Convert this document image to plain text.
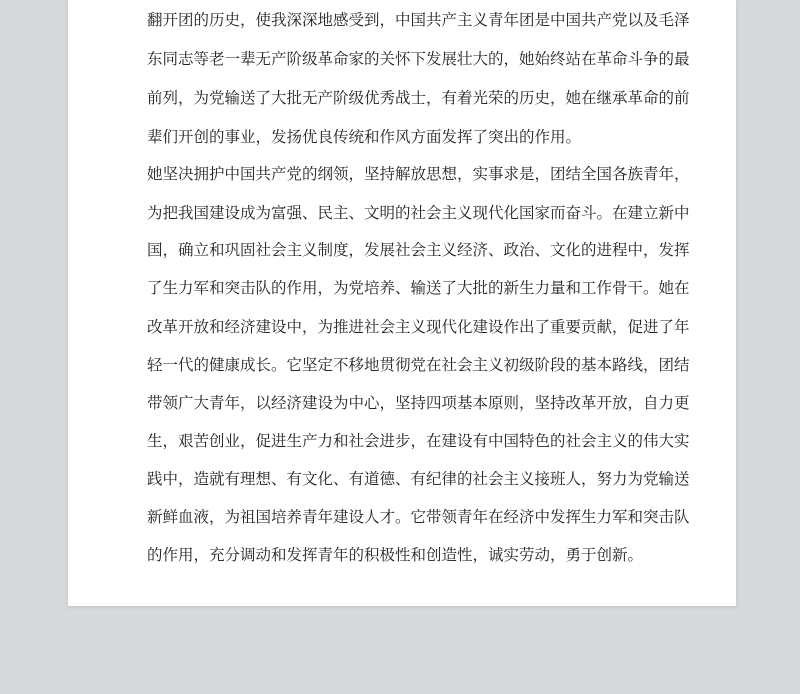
翻开团的历史，使我深深地感受到，中国共产主义青年团是中国共产党以及毛泽
东同志等老一辈无产阶级革命家的关怀下发展壮大的，她始终站在革命斗争的最
前列，为党输送了大批无产阶级优秀战士，有着光荣的历史，她在继承革命的前
辈们开创的事业，发扬优良传统和作风方面发挥了突出的作用。
她坚决拥护中国共产党的纲领，坚持解放思想，实事求是，团结全国各族青年，
为把我国建设成为富强、民主、文明的社会主义现代化国家而奋斗。在建立新中
国，确立和巩固社会主义制度，发展社会主义经济、政治、文化的进程中，发挥
了生力军和突击队的作用，为党培养、输送了大批的新生力量和工作骨干。她在
改革开放和经济建设中，为推进社会主义现代化建设作出了重要贡献，促进了年
轻一代的健康成长。它坚定不移地贯彻党在社会主义初级阶段的基本路线，团结
带领广大青年，以经济建设为中心，坚持四项基本原则，坚持改革开放，自力更
生，艰苦创业，促进生产力和社会进步，在建设有中国特色的社会主义的伟大实
践中，造就有理想、有文化、有道德、有纪律的社会主义接班人，努力为党输送
新鲜血液，为祖国培养青年建设人才。它带领青年在经济中发挥生力军和突击队
的作用，充分调动和发挥青年的积极性和创造性，诚实劳动，勇于创新。
